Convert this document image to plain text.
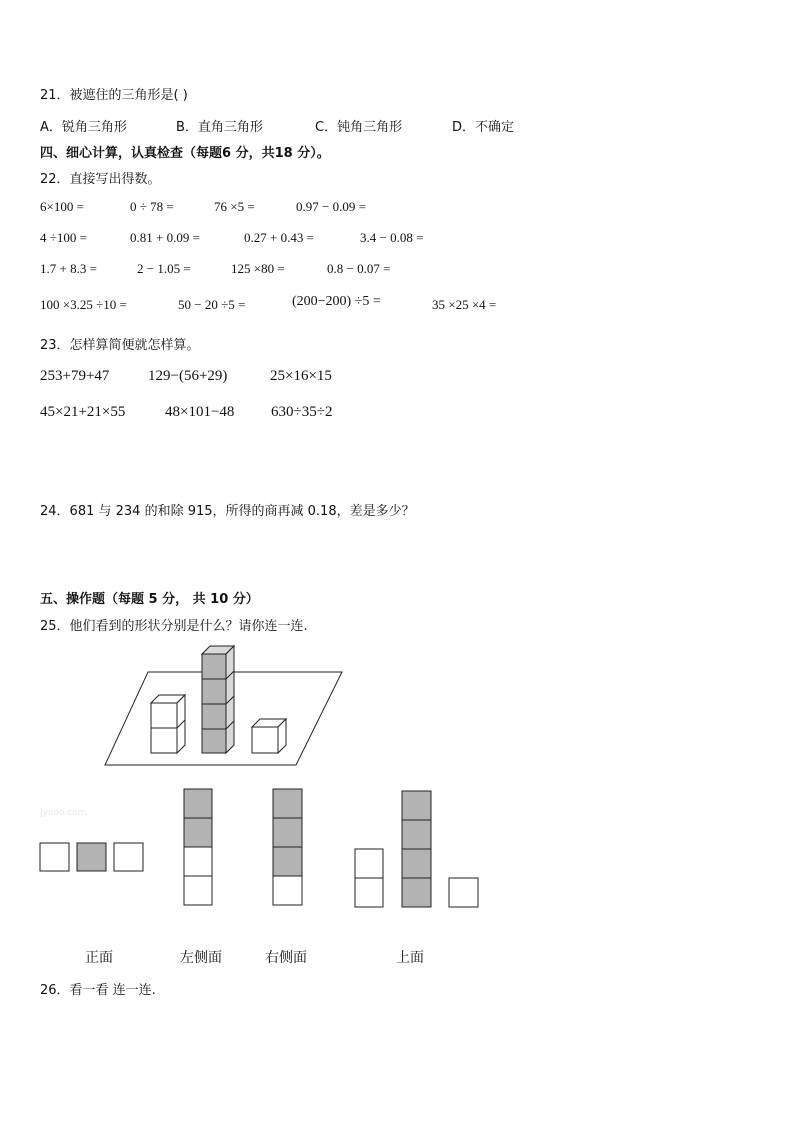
21．被遮住的三角形是( )
A．锐角三角形	B．直角三角形	C．钝角三角形	D．不确定
四、细心计算，认真检查（每题6 分，共18 分）。
22．直接写出得数。
6×100 =	0 ÷ 78 =	76 ×5 =	0.97 − 0.09 =
4 ÷100 =	0.81 + 0.09 =	0.27 + 0.43 =	3.4 − 0.08 =
1.7 + 8.3 =	2 − 1.05 =	125 ×80 =	0.8 − 0.07 =
100 ×3.25 ÷10 =	50 − 20 ÷5 =	(200−200) ÷5 =	35 ×25 ×4 =
23．怎样算简便就怎样算。
253+79+47	129−(56+29)	25×16×15
45×21+21×55	48×101−48 630÷35÷2
24．681 与 234 的和除 915，所得的商再减 0.18，差是多少？
五、操作题（每题 5 分， 共 10 分）
25．他们看到的形状分别是什么？请你连一连.
Jyeoo.com
正面	左侧面	右侧面	上面
26．看一看 连一连.
